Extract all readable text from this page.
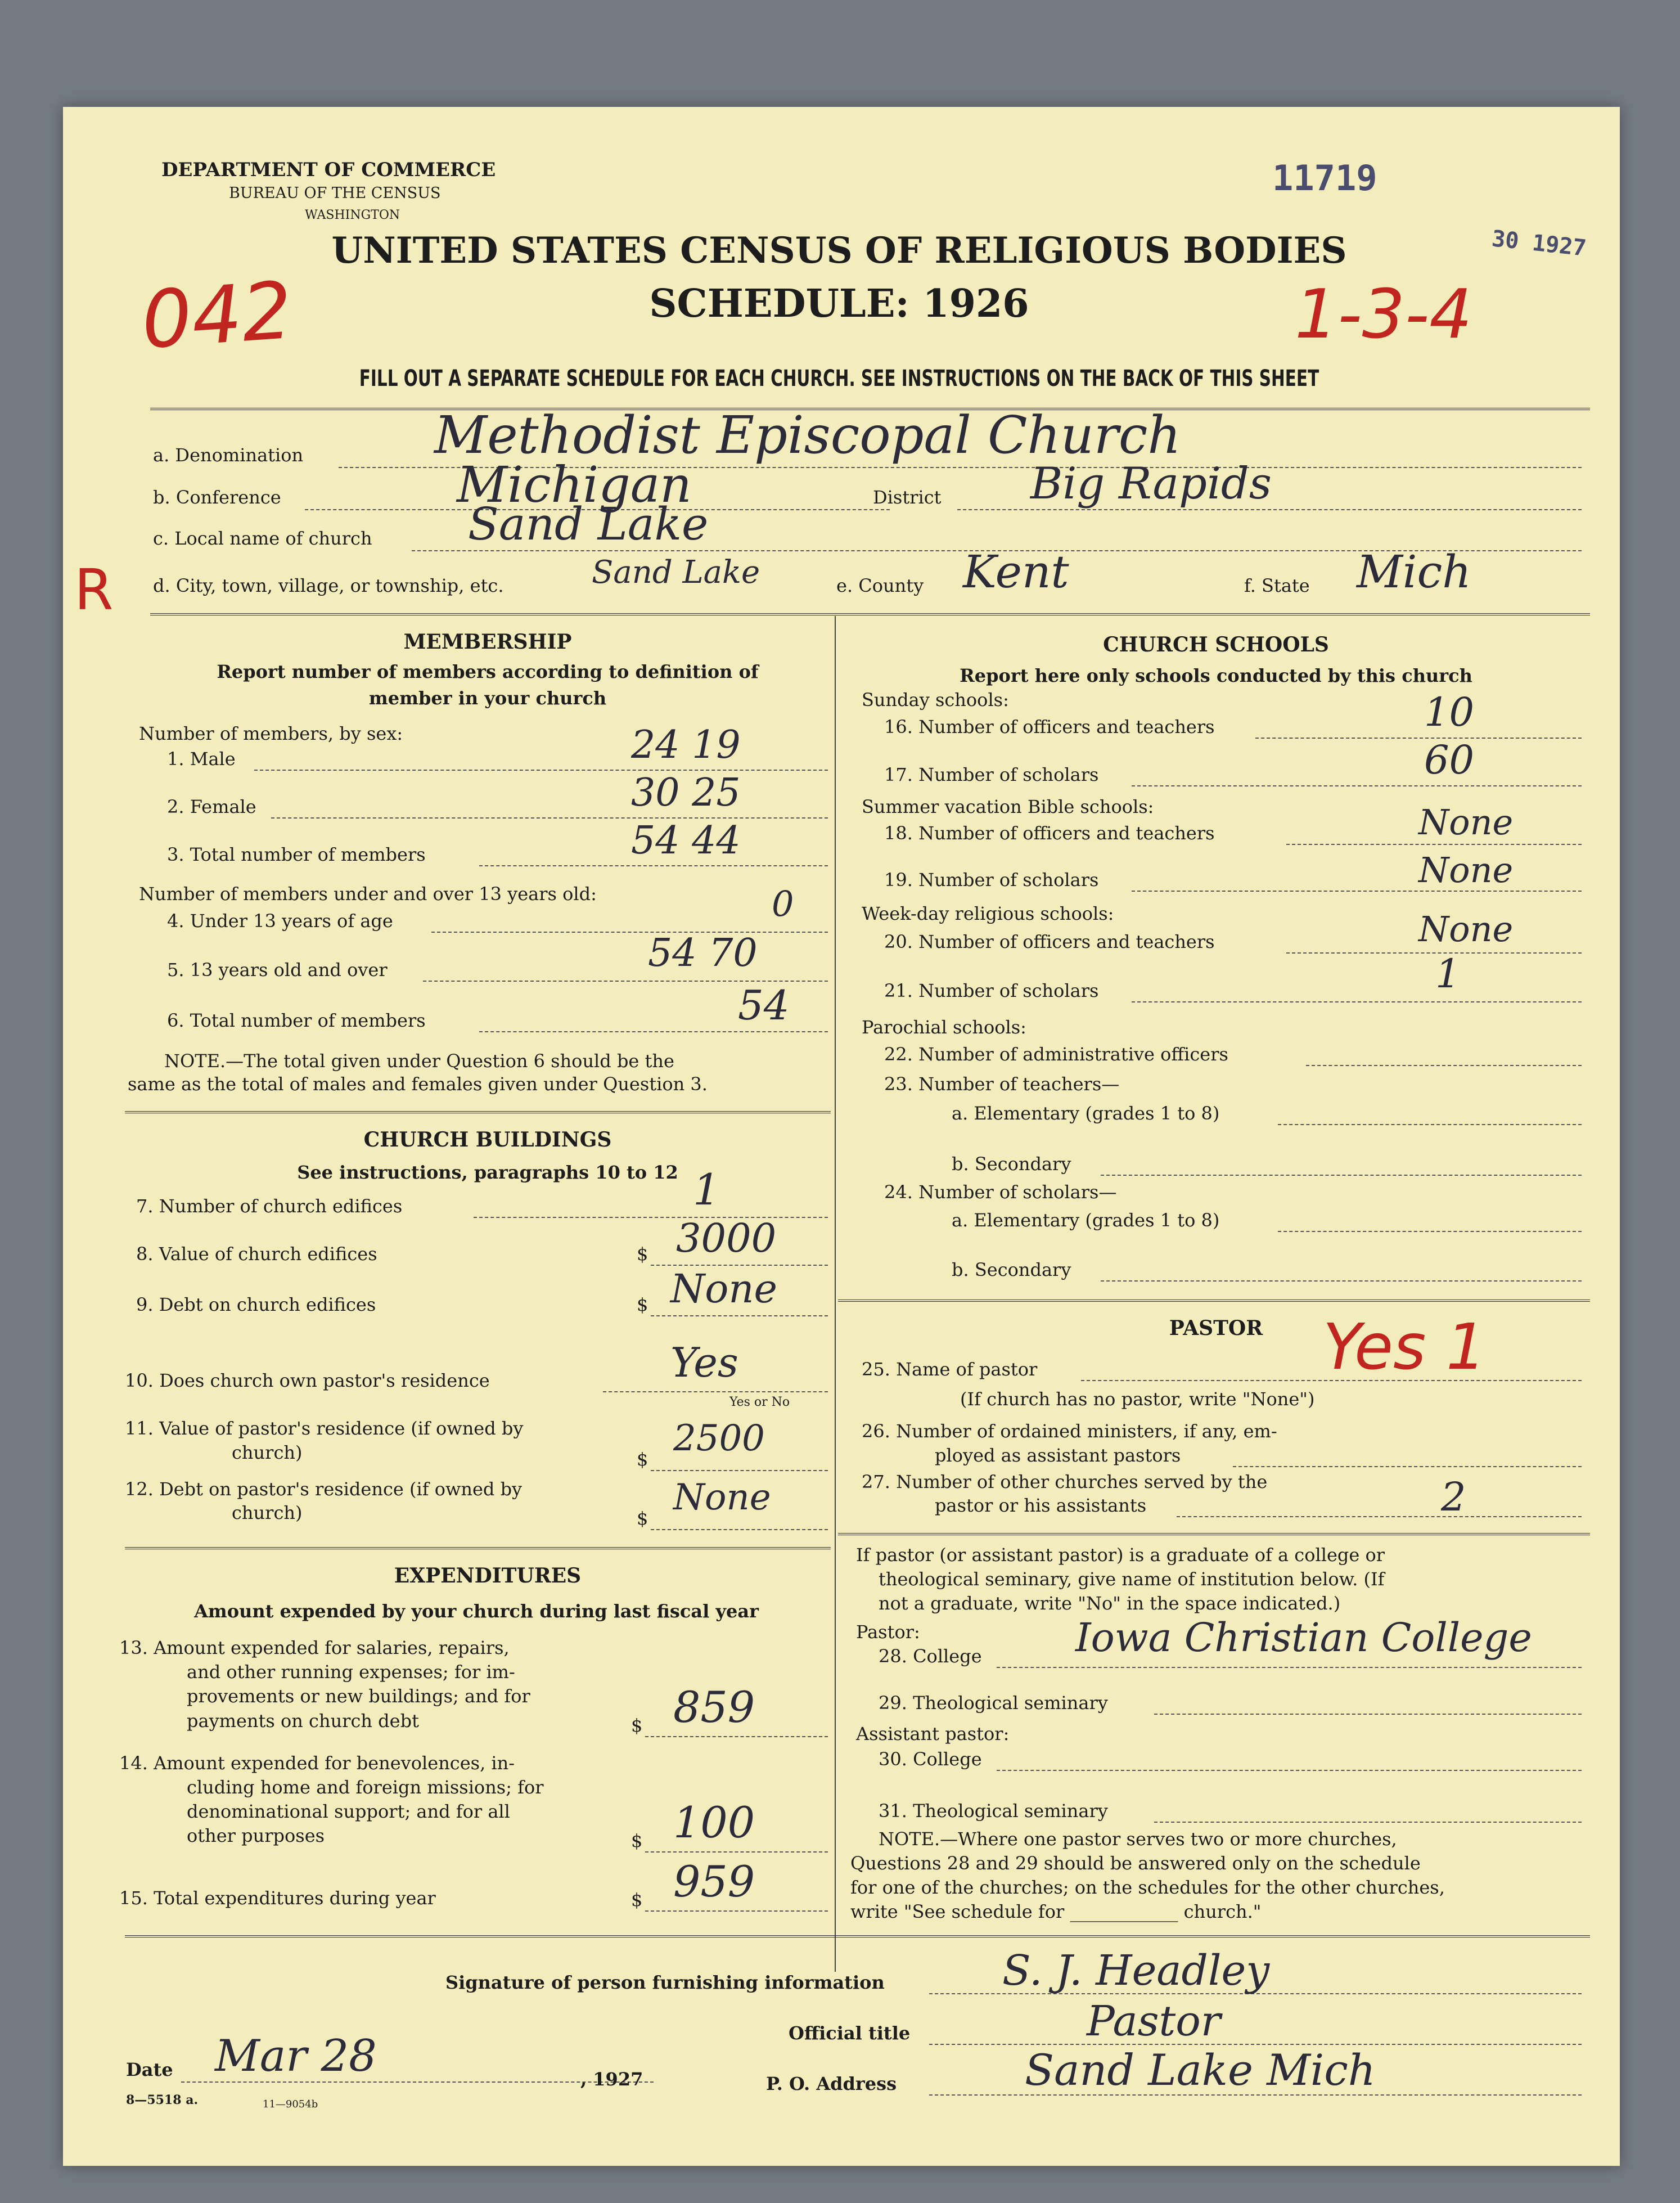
DEPARTMENT OF COMMERCE
BUREAU OF THE CENSUS
WASHINGTON
UNITED STATES CENSUS OF RELIGIOUS BODIES
SCHEDULE: 1926
FILL OUT A SEPARATE SCHEDULE FOR EACH CHURCH. SEE INSTRUCTIONS ON THE BACK OF THIS SHEET
11719
30 1927
042	1-3-4
R
a. Denomination	Methodist Episcopal Church
b. Conference	Michigan	District Big Rapids
c. Local name of church Sand Lake
d. City, town, village, or township, etc.	Sand Lake	e. County Kent	f. State Mich
MEMBERSHIP
Report number of members according to definition of
member in your church
Number of members, by sex:
1. Male	24 19
2. Female	30 25
3. Total number of members	54 44
Number of members under and over 13 years old:
4. Under 13 years of age	0
5. 13 years old and over	54 70
6. Total number of members	54
NOTE.—The total given under Question 6 should be the
same as the total of males and females given under Question 3.
CHURCH BUILDINGS
See instructions, paragraphs 10 to 12
7. Number of church edifices	1
8. Value of church edifices	$ 3000
9. Debt on church edifices	$ None
10. Does church own pastor's residence	Yes
Yes or No
11. Value of pastor's residence (if owned by
church)	$ 2500
12. Debt on pastor's residence (if owned by
church)	$ None
EXPENDITURES
Amount expended by your church during last fiscal year
13. Amount expended for salaries, repairs,
and other running expenses; for im-
provements or new buildings; and for
payments on church debt	$ 859
14. Amount expended for benevolences, in-
cluding home and foreign missions; for
denominational support; and for all
other purposes	$ 100
15. Total expenditures during year	$ 959
CHURCH SCHOOLS
Report here only schools conducted by this church
Sunday schools:
16. Number of officers and teachers	10
17. Number of scholars	60
Summer vacation Bible schools:
18. Number of officers and teachers	None
19. Number of scholars	None
Week-day religious schools:
20. Number of officers and teachers	None
21. Number of scholars	1
Parochial schools:
22. Number of administrative officers
23. Number of teachers—
a. Elementary (grades 1 to 8)
b. Secondary
24. Number of scholars—
a. Elementary (grades 1 to 8)
b. Secondary
PASTOR
25. Name of pastor	Yes 1
(If church has no pastor, write "None")
26. Number of ordained ministers, if any, em-
ployed as assistant pastors
27. Number of other churches served by the
pastor or his assistants	2
If pastor (or assistant pastor) is a graduate of a college or
theological seminary, give name of institution below. (If
not a graduate, write "No" in the space indicated.)
Pastor:
28. College Iowa Christian College
29. Theological seminary
Assistant pastor:
30. College
31. Theological seminary
NOTE.—Where one pastor serves two or more churches,
Questions 28 and 29 should be answered only on the schedule
for one of the churches; on the schedules for the other churches,
write "See schedule for ____________ church."
Signature of person furnishing information	S. J. Headley
Official title	Pastor
Date Mar 28	, 1927	P. O. Address	Sand Lake Mich
8—5518 a.	11—9054b
